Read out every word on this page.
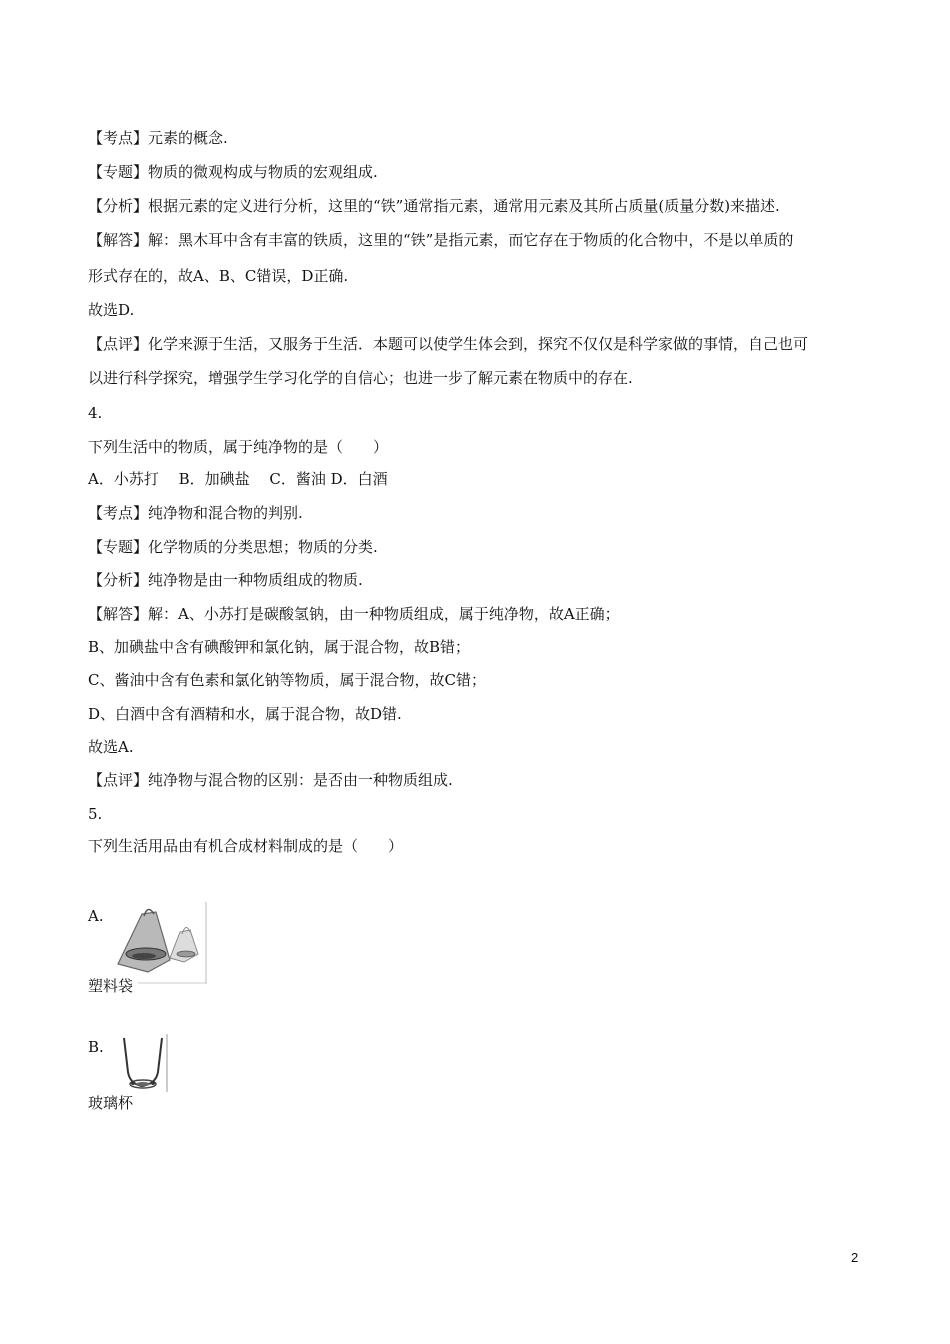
【考点】元素的概念.
【专题】物质的微观构成与物质的宏观组成.
【分析】根据元素的定义进行分析，这里的“铁”通常指元素，通常用元素及其所占质量(质量分数)来描述.
【解答】解：黑木耳中含有丰富的铁质，这里的“铁”是指元素，而它存在于物质的化合物中，不是以单质的
形式存在的，故A、B、C错误，D正确.
故选D.
【点评】化学来源于生活，又服务于生活．本题可以使学生体会到，探究不仅仅是科学家做的事情，自己也可
以进行科学探究，增强学生学习化学的自信心；也进一步了解元素在物质中的存在.
4.
下列生活中的物质，属于纯净物的是（　　）
A．小苏打　 B．加碘盐　 C．酱油 D．白酒
【考点】纯净物和混合物的判别.
【专题】化学物质的分类思想；物质的分类.
【分析】纯净物是由一种物质组成的物质.
【解答】解：A、小苏打是碳酸氢钠，由一种物质组成，属于纯净物，故A正确；
B、加碘盐中含有碘酸钾和氯化钠，属于混合物，故B错；
C、酱油中含有色素和氯化钠等物质，属于混合物，故C错；
D、白酒中含有酒精和水，属于混合物，故D错.
故选A.
【点评】纯净物与混合物的区别：是否由一种物质组成.
5.
下列生活用品由有机合成材料制成的是（　　）
A.
塑料袋
B.
玻璃杯
2
